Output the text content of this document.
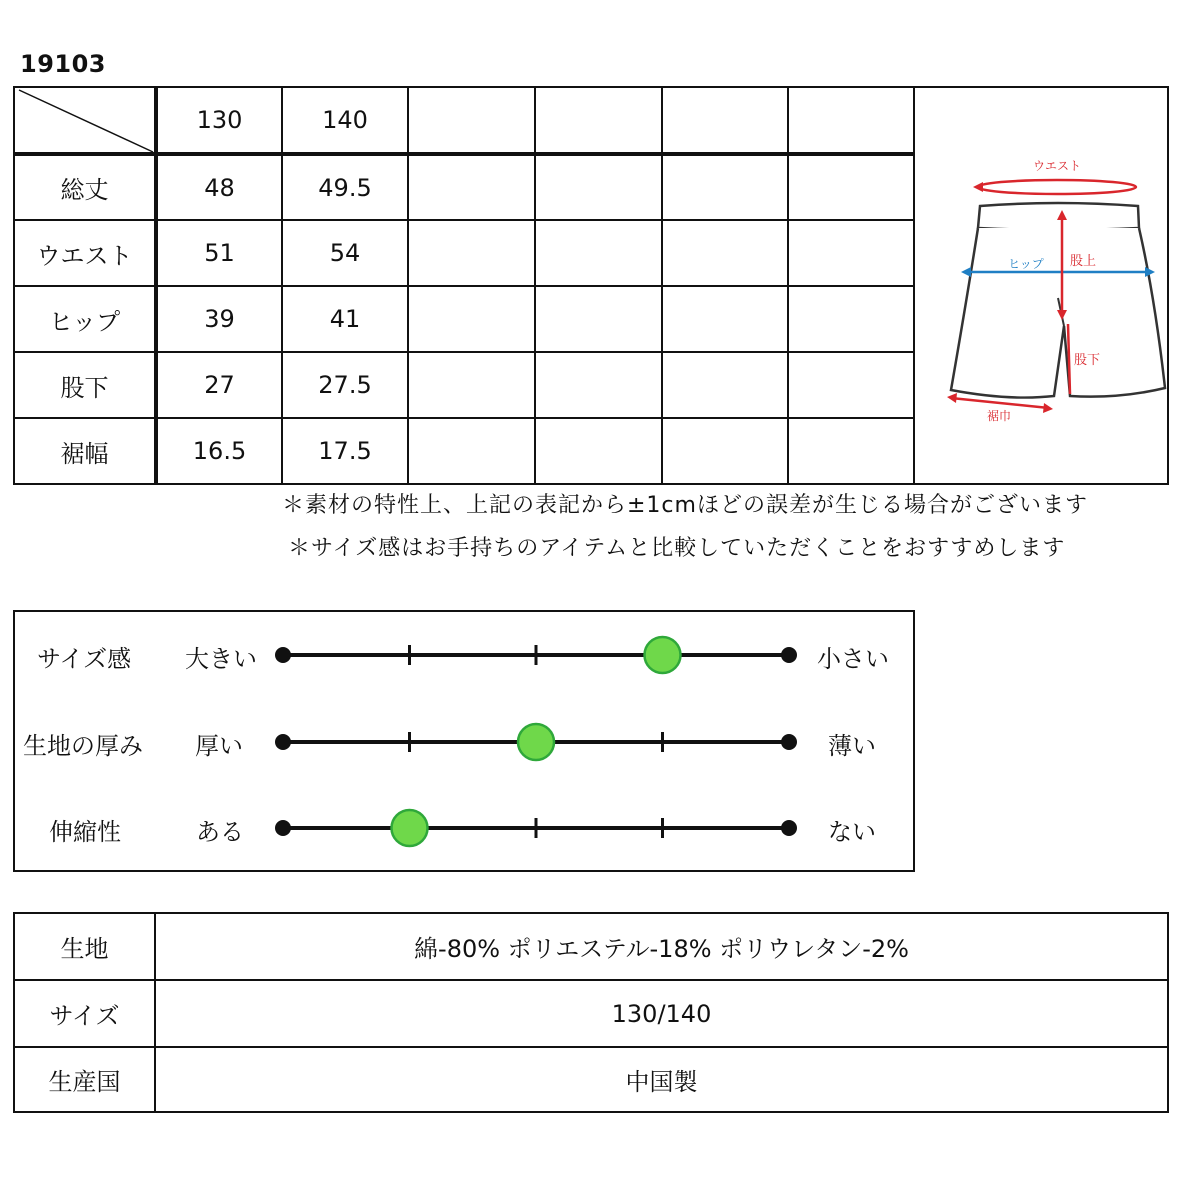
19103
130	140
総丈	48	49.5
ウエスト	51	54
ヒップ	39	41
股下	27	27.5
裾幅	16.5	17.5
ウエスト
ヒップ 股上
股下
裾巾
＊素材の特性上、上記の表記から±1cmほどの誤差が生じる場合がございます
＊サイズ感はお手持ちのアイテムと比較していただくことをおすすめします
サイズ感 大きい	小さい
生地の厚み 厚い	薄い
伸縮性	ある	ない
生地	綿-80% ポリエステル-18% ポリウレタン-2%
サイズ	130/140
生産国	中国製
